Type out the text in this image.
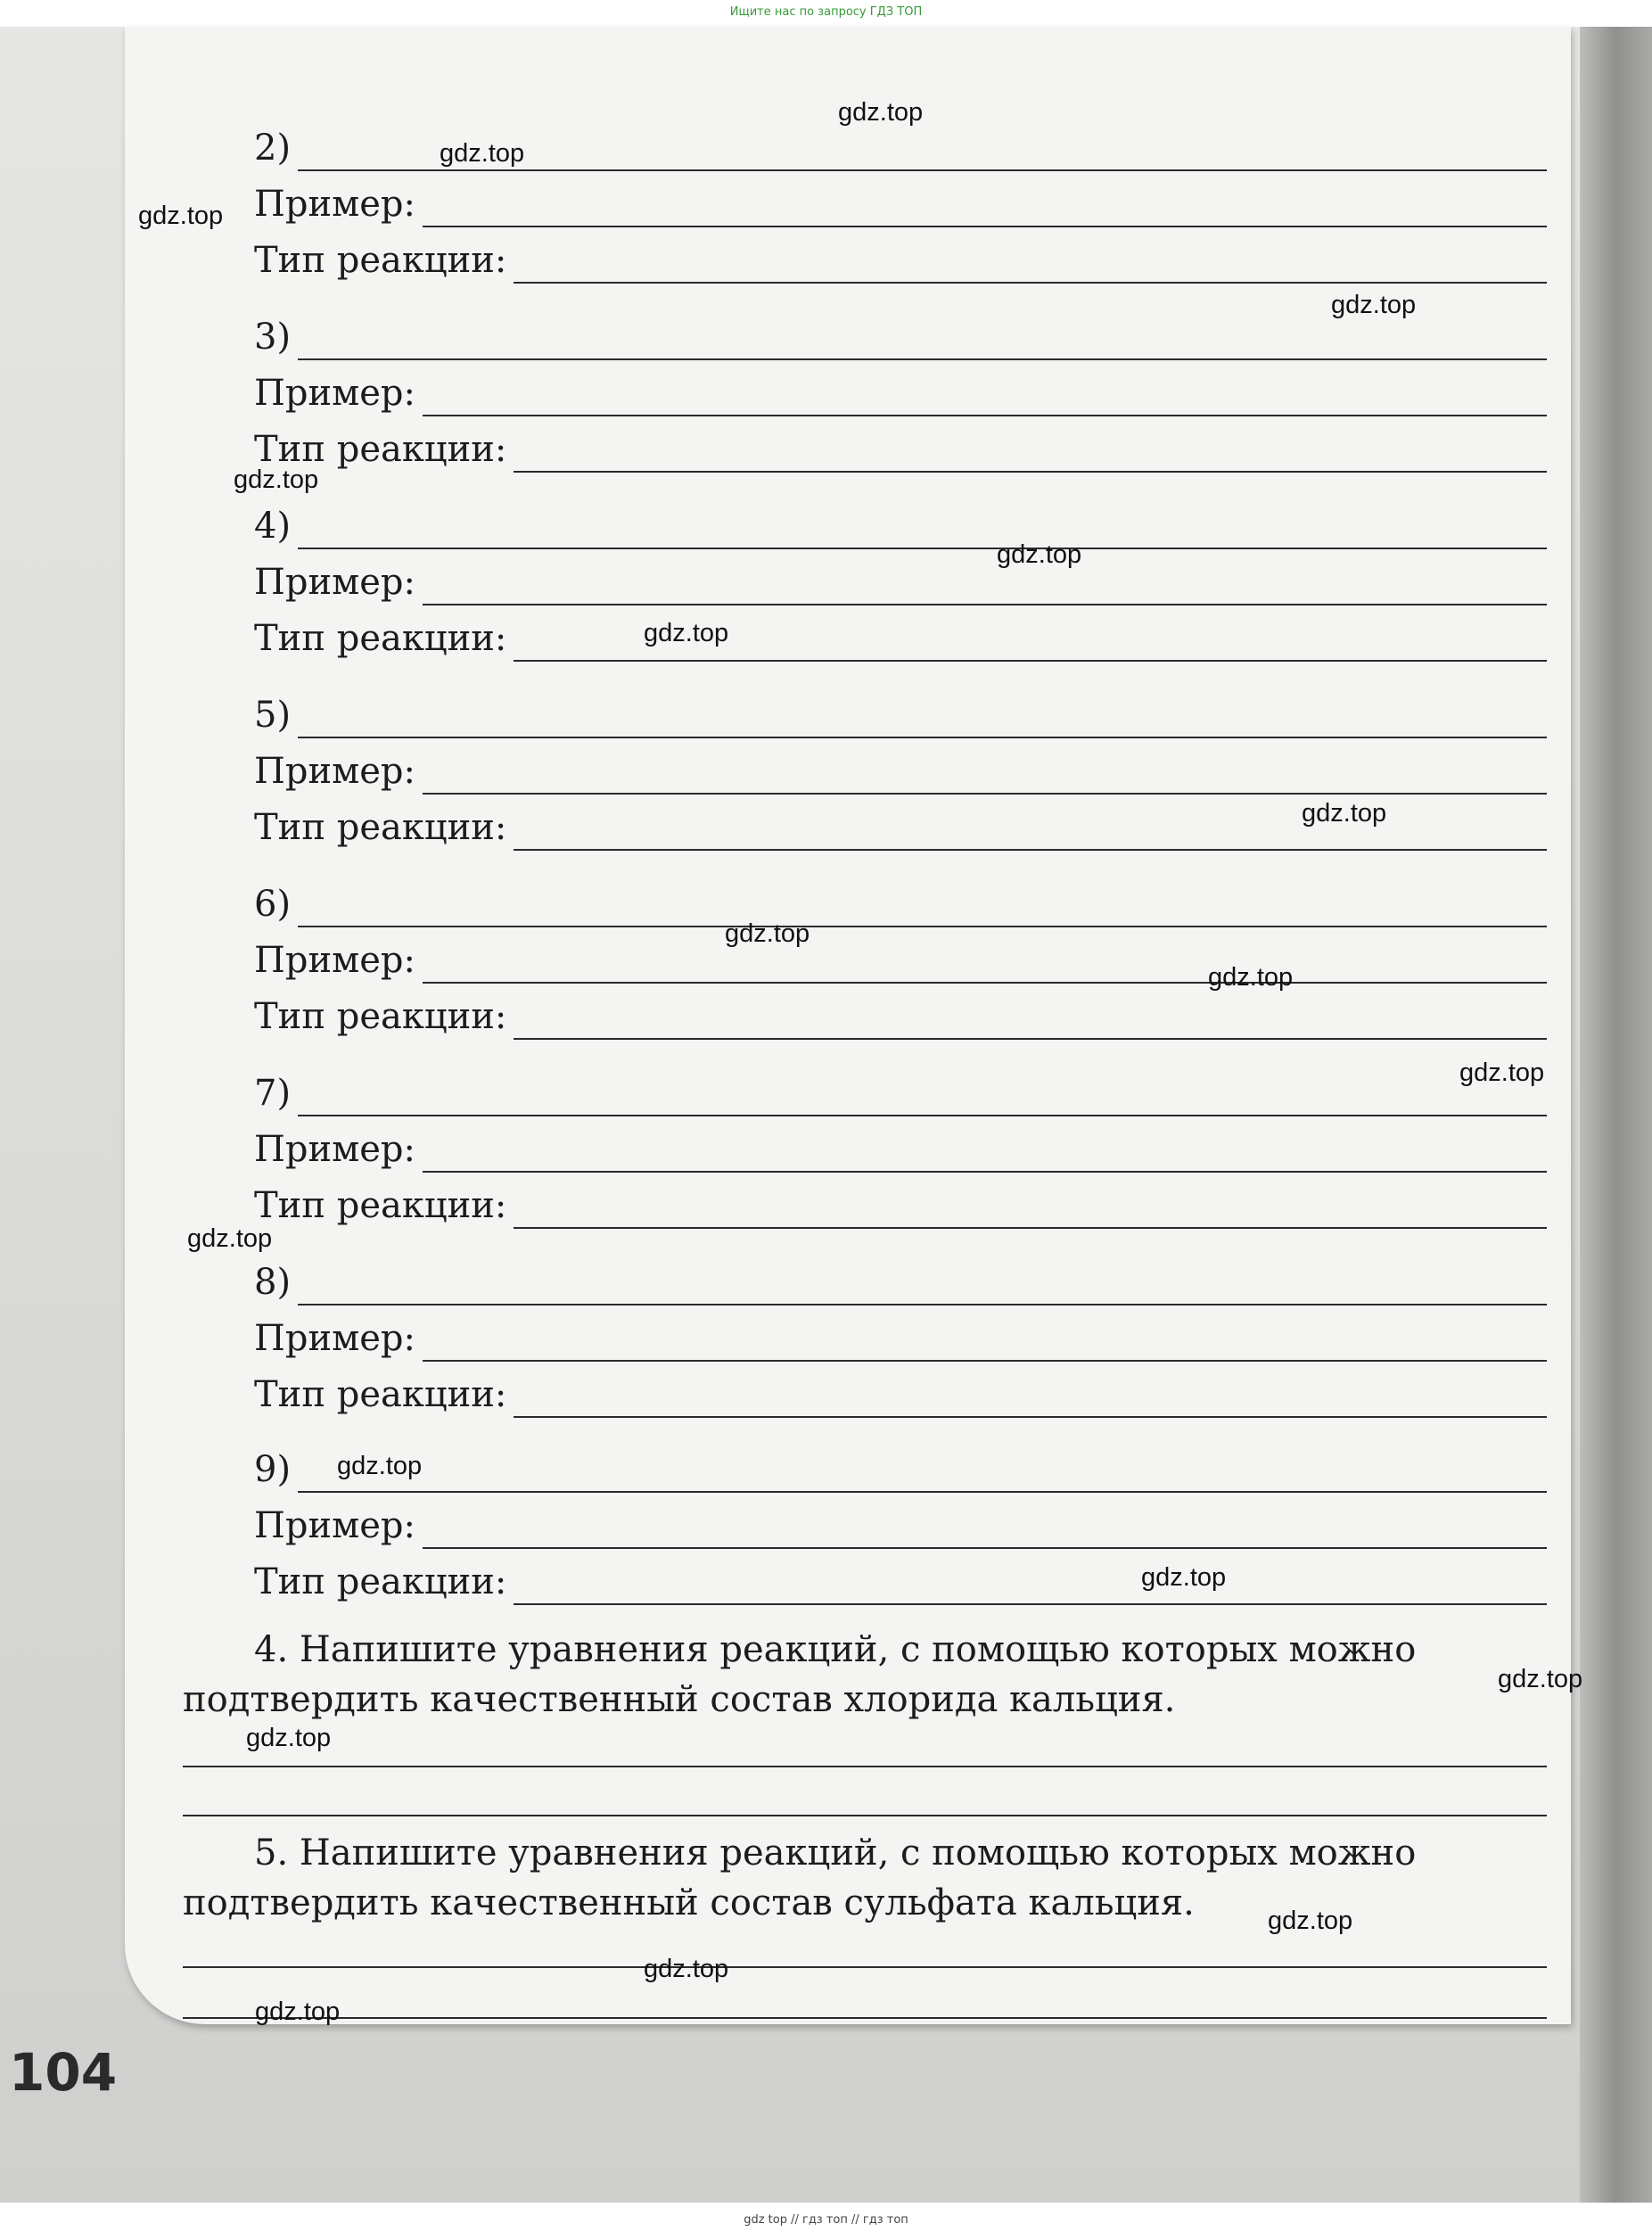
Ищите нас по запросу ГДЗ ТОП
2)
Пример:
Тип реакции:
3)
Пример:
Тип реакции:
4)
Пример:
Тип реакции:
5)
Пример:
Тип реакции:
6)
Пример:
Тип реакции:
7)
Пример:
Тип реакции:
8)
Пример:
Тип реакции:
9)
Пример:
Тип реакции:
4. Напишите уравнения реакций, с помощью которых можно
подтвердить качественный состав хлорида кальция.
5. Напишите уравнения реакций, с помощью которых можно
подтвердить качественный состав сульфата кальция.
104
gdz.top
gdz.top
gdz.top
gdz.top
gdz.top
gdz.top
gdz.top
gdz.top
gdz.top
gdz.top
gdz.top
gdz.top
gdz.top
gdz.top
gdz.top
gdz.top
gdz.top
gdz.top
gdz.top
gdz top // гдз топ // гдз топ
